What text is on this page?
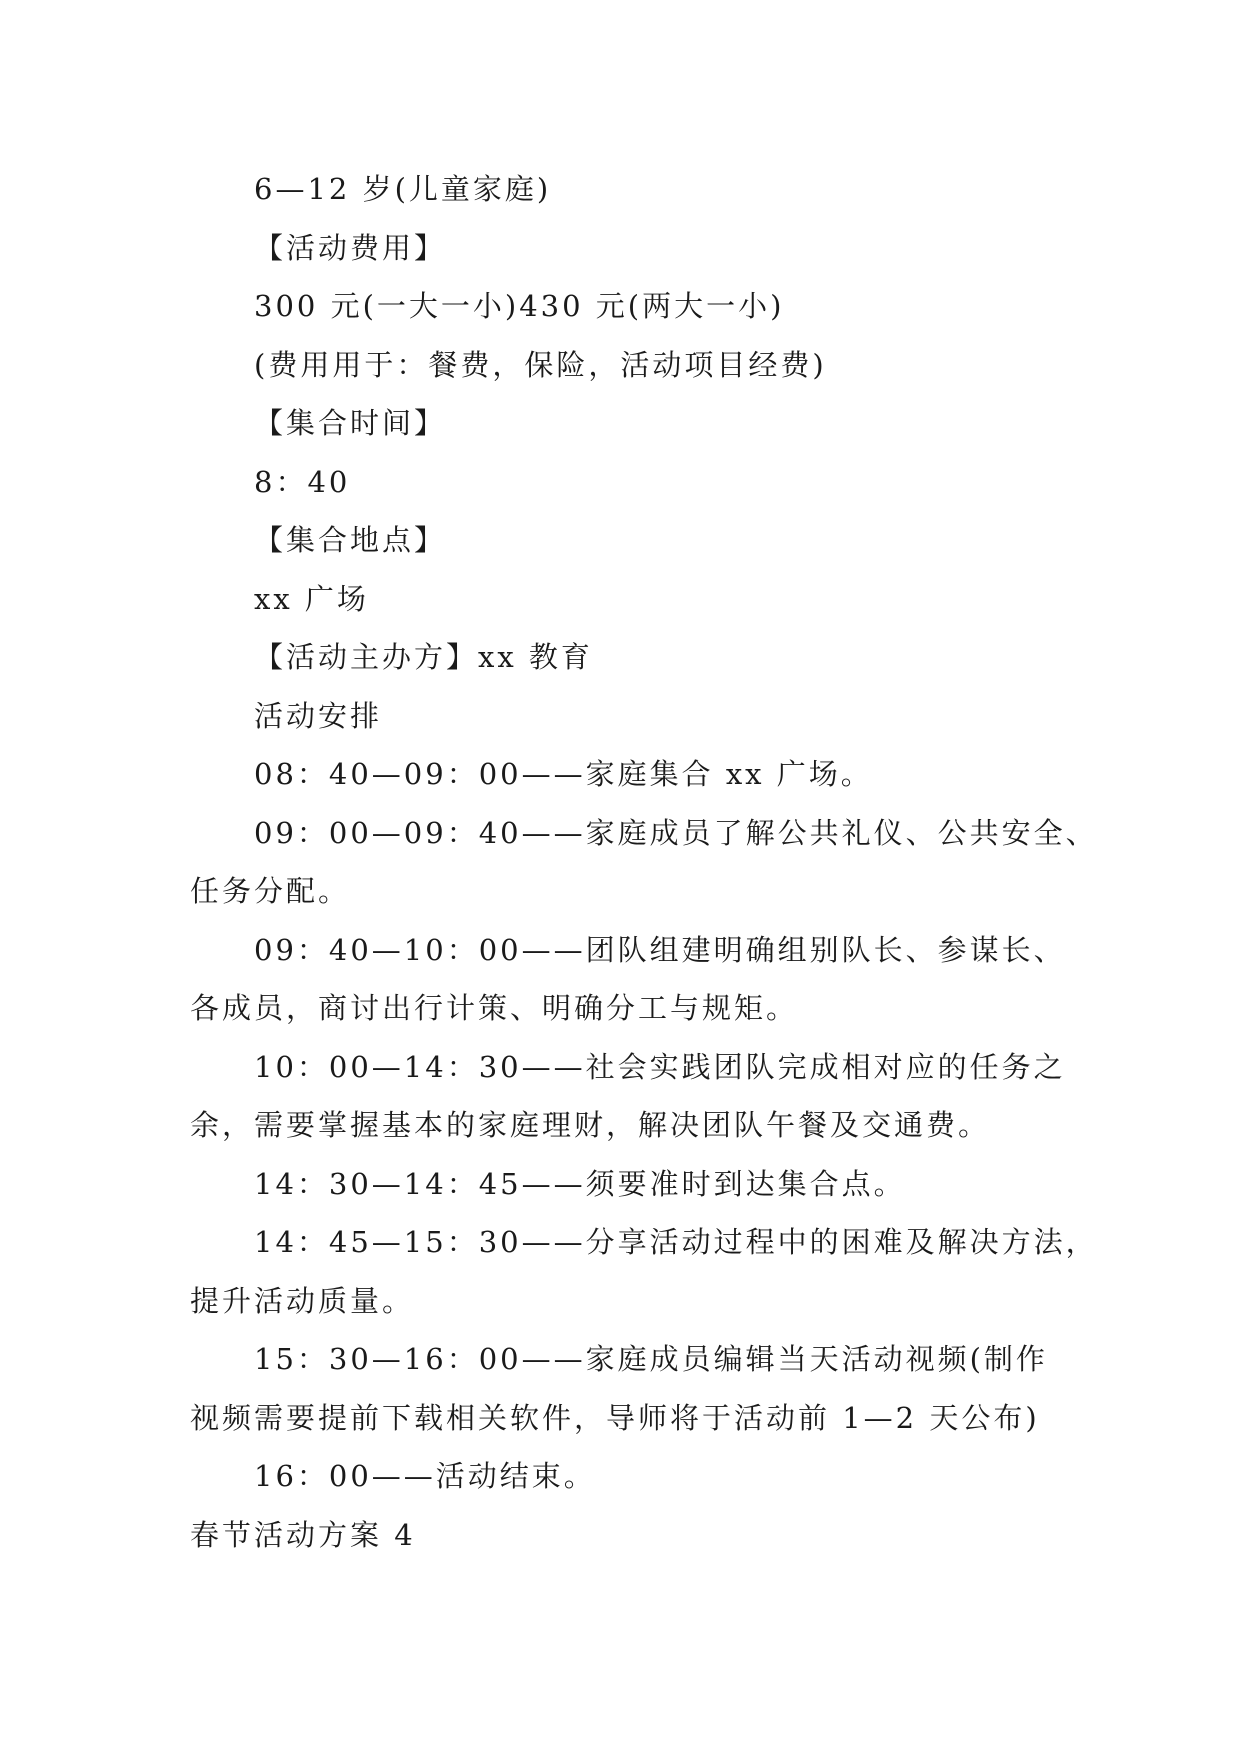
6—12 岁(儿童家庭)

【活动费用】

300 元(一大一小)430 元(两大一小)

(费用用于：餐费，保险，活动项目经费)

【集合时间】

8：40

【集合地点】

xx 广场

【活动主办方】xx 教育

活动安排

08：40—09：00——家庭集合 xx 广场。

09：00—09：40——家庭成员了解公共礼仪、公共安全、
任务分配。
09：40—10：00——团队组建明确组别队长、参谋长、
各成员，商讨出行计策、明确分工与规矩。
10：00—14：30——社会实践团队完成相对应的任务之
余，需要掌握基本的家庭理财，解决团队午餐及交通费。
14：30—14：45——须要准时到达集合点。
14：45—15：30——分享活动过程中的困难及解决方法，
提升活动质量。
15：30—16：00——家庭成员编辑当天活动视频(制作
视频需要提前下载相关软件，导师将于活动前 1—2 天公布)
16：00——活动结束。

春节活动方案 4
